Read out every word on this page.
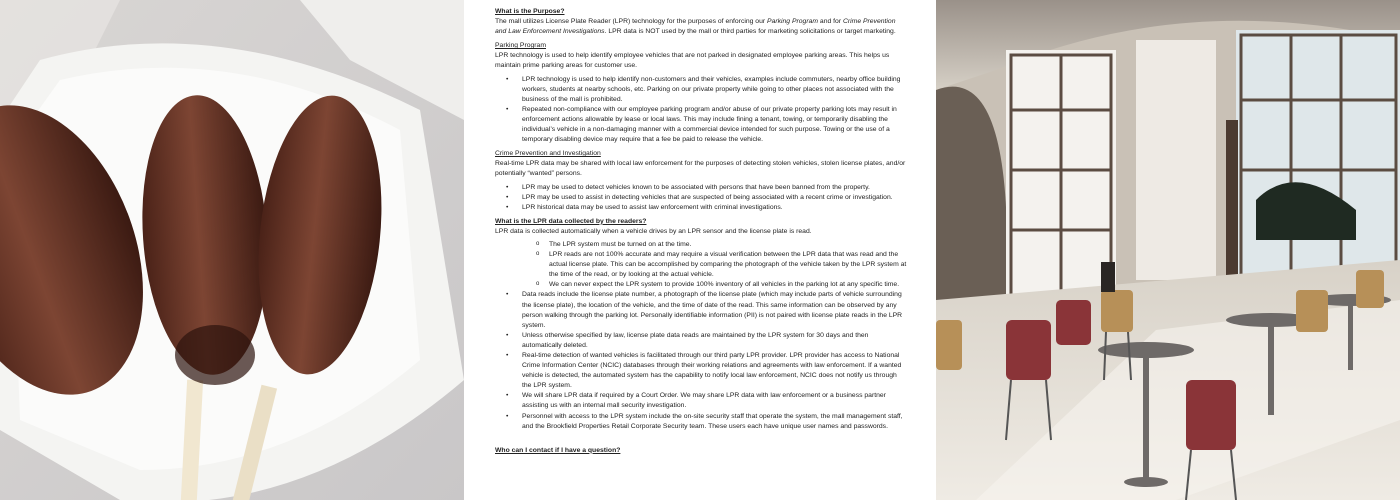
What is the Purpose?

The mall utilizes License Plate Reader (LPR) technology for the purposes of enforcing our Parking Program and for Crime Prevention and Law Enforcement Investigations. LPR data is NOT used by the mall or third parties for marketing solicitations or target marketing.

Parking Program

LPR technology is used to help identify employee vehicles that are not parked in designated employee parking areas. This helps us maintain prime parking areas for customer use.

• LPR technology is used to help identify non-customers and their vehicles, examples include commuters, nearby office building workers, students at nearby schools, etc. Parking on our private property while going to other places not associated with the business of the mall is prohibited.
• Repeated non-compliance with our employee parking program and/or abuse of our private property parking lots may result in enforcement actions allowable by lease or local laws. This may include fining a tenant, towing, or temporarily disabling the individual’s vehicle in a non-damaging manner with a commercial device intended for such purpose. Towing or the use of a temporary disabling device may require that a fee be paid to release the vehicle.

Crime Prevention and Investigation

Real-time LPR data may be shared with local law enforcement for the purposes of detecting stolen vehicles, stolen license plates, and/or potentially “wanted” persons.

• LPR may be used to detect vehicles known to be associated with persons that have been banned from the property.
• LPR may be used to assist in detecting vehicles that are suspected of being associated with a recent crime or investigation.
• LPR historical data may be used to assist law enforcement with criminal investigations.

What is the LPR data collected by the readers?

LPR data is collected automatically when a vehicle drives by an LPR sensor and the license plate is read.

o The LPR system must be turned on at the time.
o LPR reads are not 100% accurate and may require a visual verification between the LPR data that was read and the actual license plate. This can be accomplished by comparing the photograph of the vehicle taken by the LPR system at the time of the read, or by looking at the actual vehicle.
o We can never expect the LPR system to provide 100% inventory of all vehicles in the parking lot at any specific time.
• Data reads include the license plate number, a photograph of the license plate (which may include parts of vehicle surrounding the license plate), the location of the vehicle, and the time of date of the read. This same information can be observed by any person walking through the parking lot. Personally identifiable information (PII) is not paired with license plate reads in the LPR system.
• Unless otherwise specified by law, license plate data reads are maintained by the LPR system for 30 days and then automatically deleted.
• Real-time detection of wanted vehicles is facilitated through our third party LPR provider. LPR provider has access to National Crime Information Center (NCIC) databases through their working relations and agreements with law enforcement. If a wanted vehicle is detected, the automated system has the capability to notify local law enforcement, NCIC does not notify us through the LPR system.
• We will share LPR data if required by a Court Order. We may share LPR data with law enforcement or a business partner assisting us with an internal mall security investigation.
• Personnel with access to the LPR system include the on-site security staff that operate the system, the mall management staff, and the Brookfield Properties Retail Corporate Security team. These users each have unique user names and passwords.

Who can I contact if I have a question?
